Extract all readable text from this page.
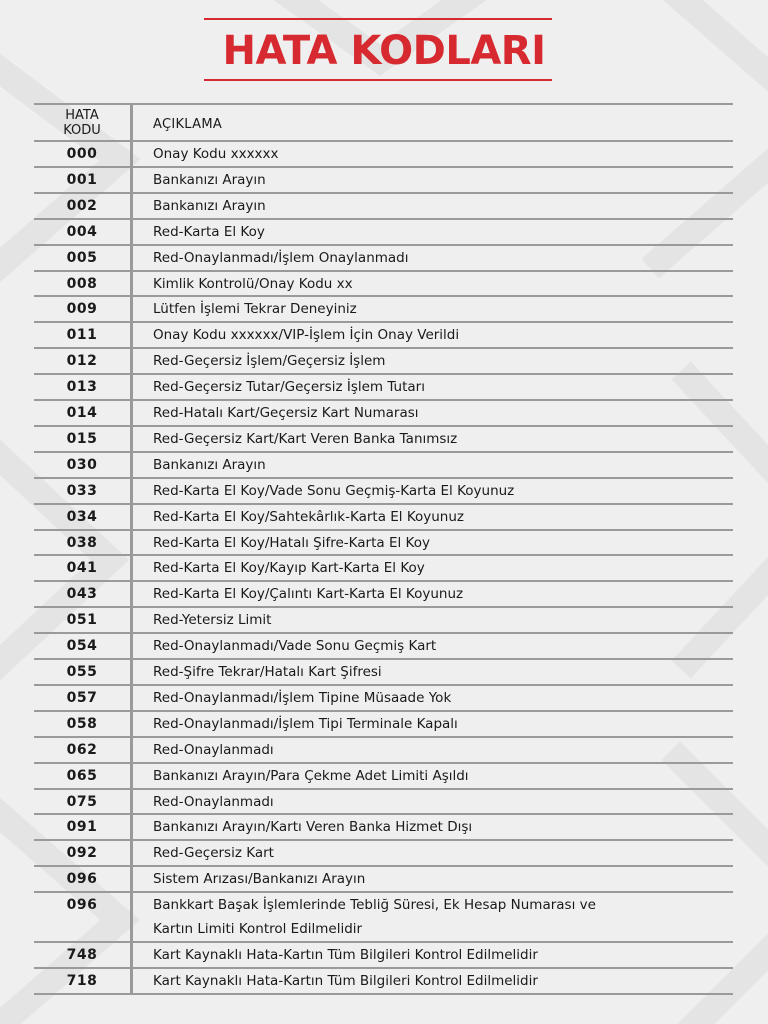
HATA KODLARI
HATA
KODU	AÇIKLAMA
000	Onay Kodu xxxxxx
001	Bankanızı Arayın
002	Bankanızı Arayın
004	Red-Karta El Koy
005	Red-Onaylanmadı/İşlem Onaylanmadı
008	Kimlik Kontrolü/Onay Kodu xx
009	Lütfen İşlemi Tekrar Deneyiniz
011	Onay Kodu xxxxxx/VIP-İşlem İçin Onay Verildi
012	Red-Geçersiz İşlem/Geçersiz İşlem
013	Red-Geçersiz Tutar/Geçersiz İşlem Tutarı
014	Red-Hatalı Kart/Geçersiz Kart Numarası
015	Red-Geçersiz Kart/Kart Veren Banka Tanımsız
030	Bankanızı Arayın
033	Red-Karta El Koy/Vade Sonu Geçmiş-Karta El Koyunuz
034	Red-Karta El Koy/Sahtekârlık-Karta El Koyunuz
038	Red-Karta El Koy/Hatalı Şifre-Karta El Koy
041	Red-Karta El Koy/Kayıp Kart-Karta El Koy
043	Red-Karta El Koy/Çalıntı Kart-Karta El Koyunuz
051	Red-Yetersiz Limit
054	Red-Onaylanmadı/Vade Sonu Geçmiş Kart
055	Red-Şifre Tekrar/Hatalı Kart Şifresi
057	Red-Onaylanmadı/İşlem Tipine Müsaade Yok
058	Red-Onaylanmadı/İşlem Tipi Terminale Kapalı
062	Red-Onaylanmadı
065	Bankanızı Arayın/Para Çekme Adet Limiti Aşıldı
075	Red-Onaylanmadı
091	Bankanızı Arayın/Kartı Veren Banka Hizmet Dışı
092	Red-Geçersiz Kart
096	Sistem Arızası/Bankanızı Arayın
096	Bankkart Başak İşlemlerinde Tebliğ Süresi, Ek Hesap Numarası ve
Kartın Limiti Kontrol Edilmelidir
748	Kart Kaynaklı Hata-Kartın Tüm Bilgileri Kontrol Edilmelidir
718	Kart Kaynaklı Hata-Kartın Tüm Bilgileri Kontrol Edilmelidir
